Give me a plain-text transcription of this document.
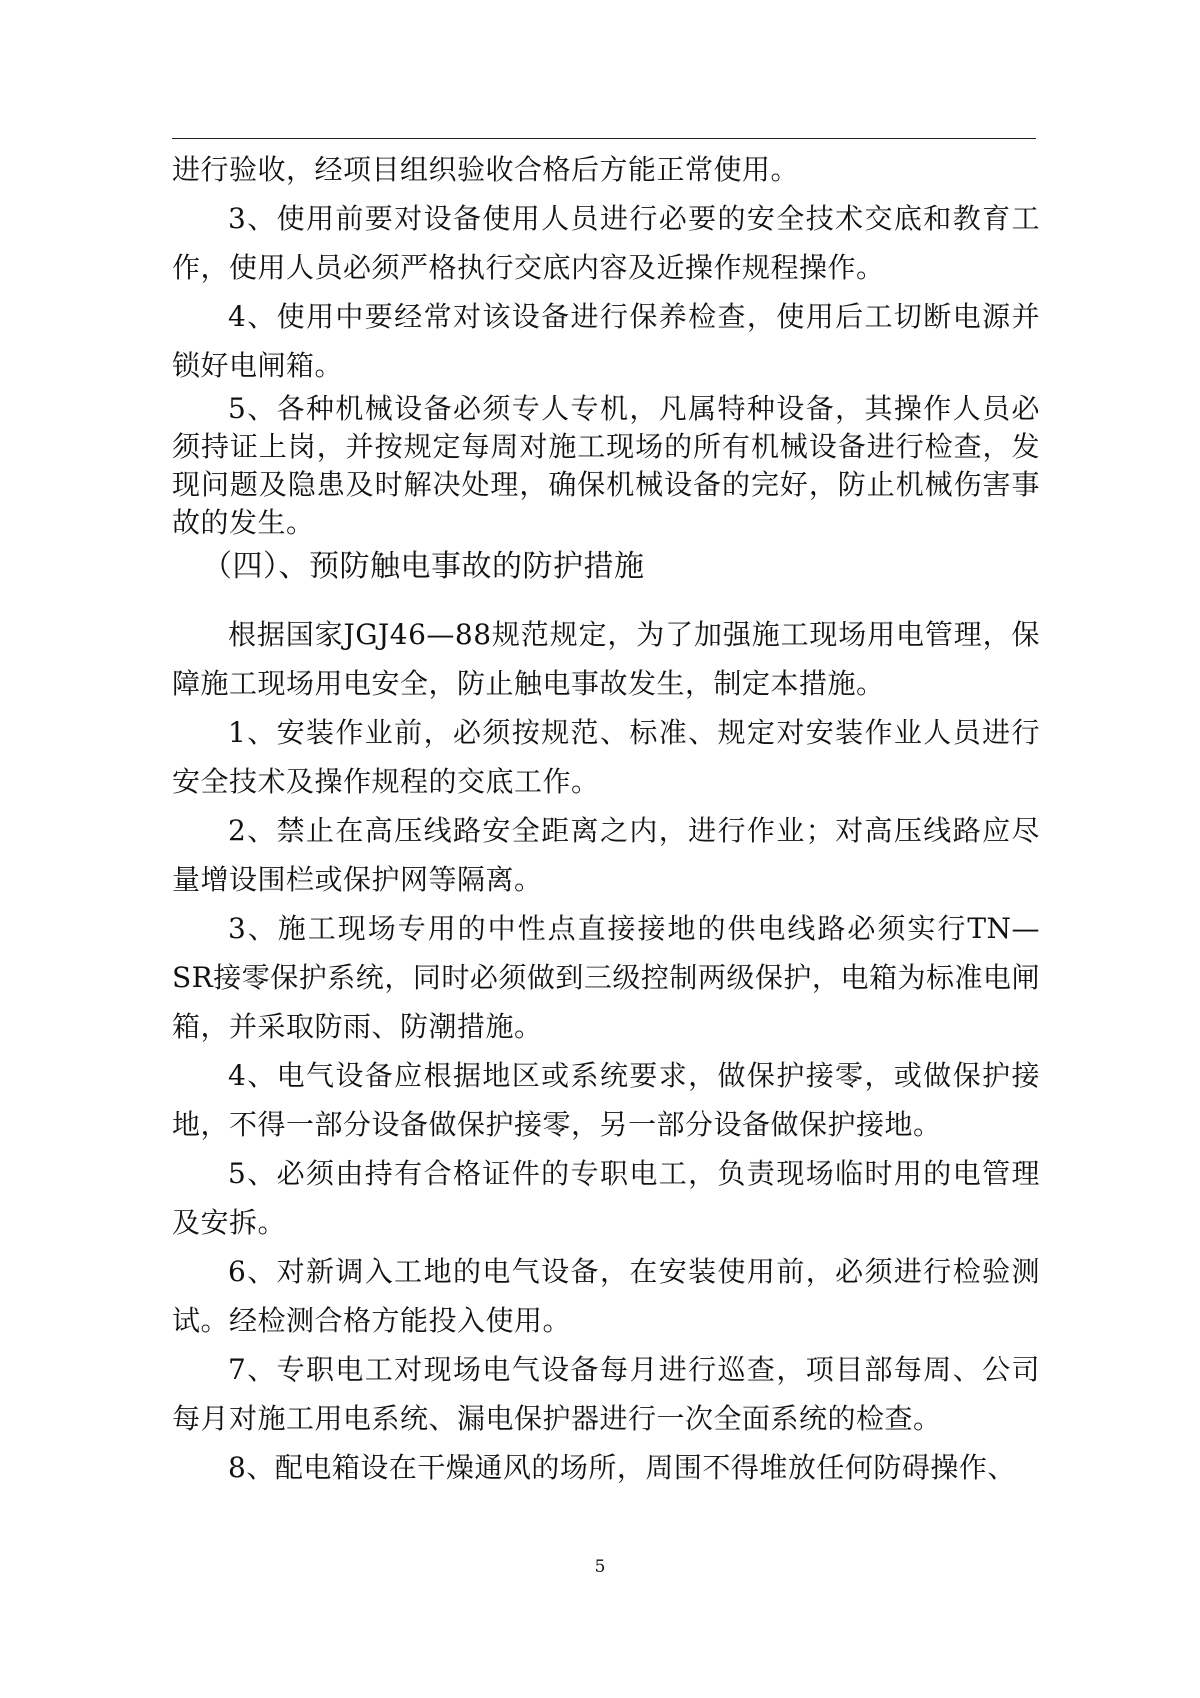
进行验收，经项目组织验收合格后方能正常使用。

3、使用前要对设备使用人员进行必要的安全技术交底和教育工作，使用人员必须严格执行交底内容及近操作规程操作。

4、使用中要经常对该设备进行保养检查，使用后工切断电源并锁好电闸箱。

5、各种机械设备必须专人专机，凡属特种设备，其操作人员必须持证上岗，并按规定每周对施工现场的所有机械设备进行检查，发现问题及隐患及时解决处理，确保机械设备的完好，防止机械伤害事故的发生。

（四）、预防触电事故的防护措施

根据国家JGJ46—88规范规定，为了加强施工现场用电管理，保障施工现场用电安全，防止触电事故发生，制定本措施。

1、安装作业前，必须按规范、标准、规定对安装作业人员进行安全技术及操作规程的交底工作。

2、禁止在高压线路安全距离之内，进行作业；对高压线路应尽量增设围栏或保护网等隔离。

3、施工现场专用的中性点直接接地的供电线路必须实行TN—SR接零保护系统，同时必须做到三级控制两级保护，电箱为标准电闸箱，并采取防雨、防潮措施。

4、电气设备应根据地区或系统要求，做保护接零，或做保护接地，不得一部分设备做保护接零，另一部分设备做保护接地。

5、必须由持有合格证件的专职电工，负责现场临时用的电管理及安拆。

6、对新调入工地的电气设备，在安装使用前，必须进行检验测试。经检测合格方能投入使用。

7、专职电工对现场电气设备每月进行巡查，项目部每周、公司每月对施工用电系统、漏电保护器进行一次全面系统的检查。

8、配电箱设在干燥通风的场所，周围不得堆放任何防碍操作、

5
